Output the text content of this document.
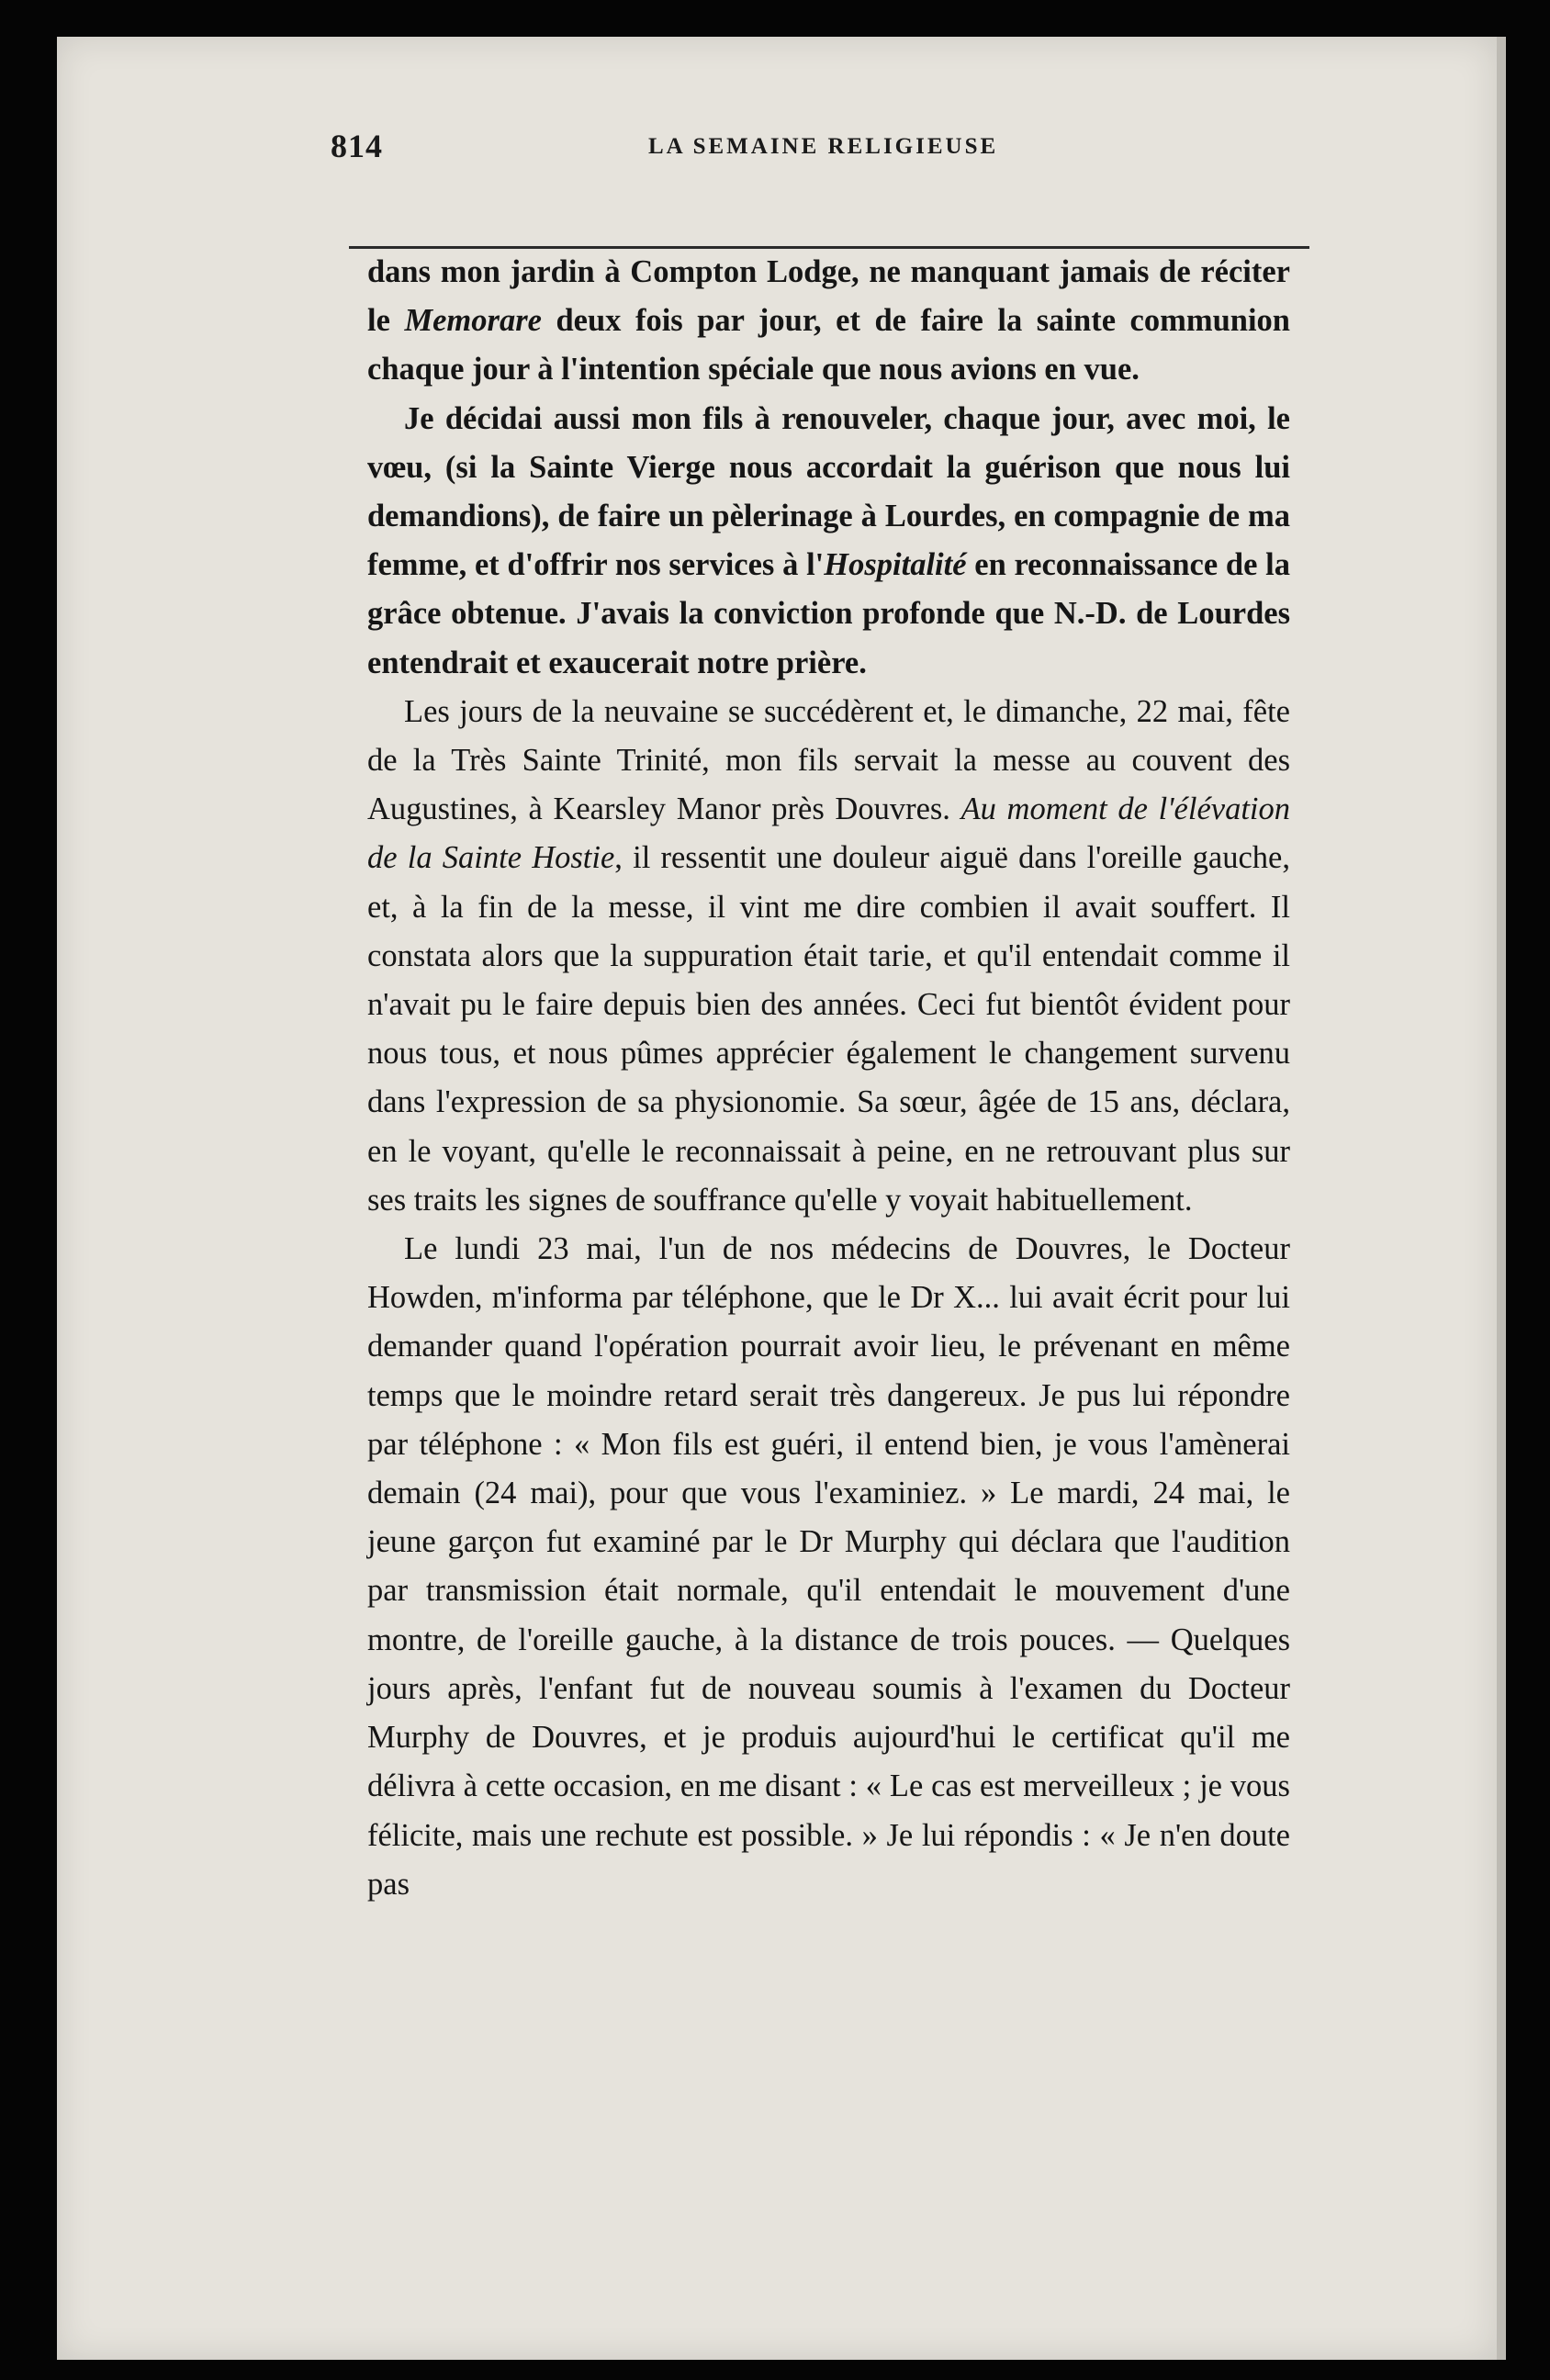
814	LA SEMAINE RELIGIEUSE

dans mon jardin à Compton Lodge, ne manquant jamais de réciter le Memorare deux fois par jour, et de faire la sainte communion chaque jour à l'intention spéciale que nous avions en vue.

Je décidai aussi mon fils à renouveler, chaque jour, avec moi, le vœu, (si la Sainte Vierge nous accordait la guérison que nous lui demandions), de faire un pèlerinage à Lourdes, en compagnie de ma femme, et d'offrir nos services à l'Hospitalité en reconnaissance de la grâce obtenue. J'avais la conviction profonde que N.-D. de Lourdes entendrait et exaucerait notre prière.

Les jours de la neuvaine se succédèrent et, le dimanche, 22 mai, fête de la Très Sainte Trinité, mon fils servait la messe au couvent des Augustines, à Kearsley Manor près Douvres. Au moment de l'élévation de la Sainte Hostie, il ressentit une douleur aiguë dans l'oreille gauche, et, à la fin de la messe, il vint me dire combien il avait souffert. Il constata alors que la suppuration était tarie, et qu'il entendait comme il n'avait pu le faire depuis bien des années. Ceci fut bientôt évident pour nous tous, et nous pûmes apprécier également le changement survenu dans l'expression de sa physionomie. Sa sœur, âgée de 15 ans, déclara, en le voyant, qu'elle le reconnaissait à peine, en ne retrouvant plus sur ses traits les signes de souffrance qu'elle y voyait habituellement.

Le lundi 23 mai, l'un de nos médecins de Douvres, le Docteur Howden, m'informa par téléphone, que le Dr X... lui avait écrit pour lui demander quand l'opération pourrait avoir lieu, le prévenant en même temps que le moindre retard serait très dangereux. Je pus lui répondre par téléphone : « Mon fils est guéri, il entend bien, je vous l'amènerai demain (24 mai), pour que vous l'examiniez. » Le mardi, 24 mai, le jeune garçon fut examiné par le Dr Murphy qui déclara que l'audition par transmission était normale, qu'il entendait le mouvement d'une montre, de l'oreille gauche, à la distance de trois pouces. — Quelques jours après, l'enfant fut de nouveau soumis à l'examen du Docteur Murphy de Douvres, et je produis aujourd'hui le certificat qu'il me délivra à cette occasion, en me disant : « Le cas est merveilleux ; je vous félicite, mais une rechute est possible. » Je lui répondis : « Je n'en doute pas
